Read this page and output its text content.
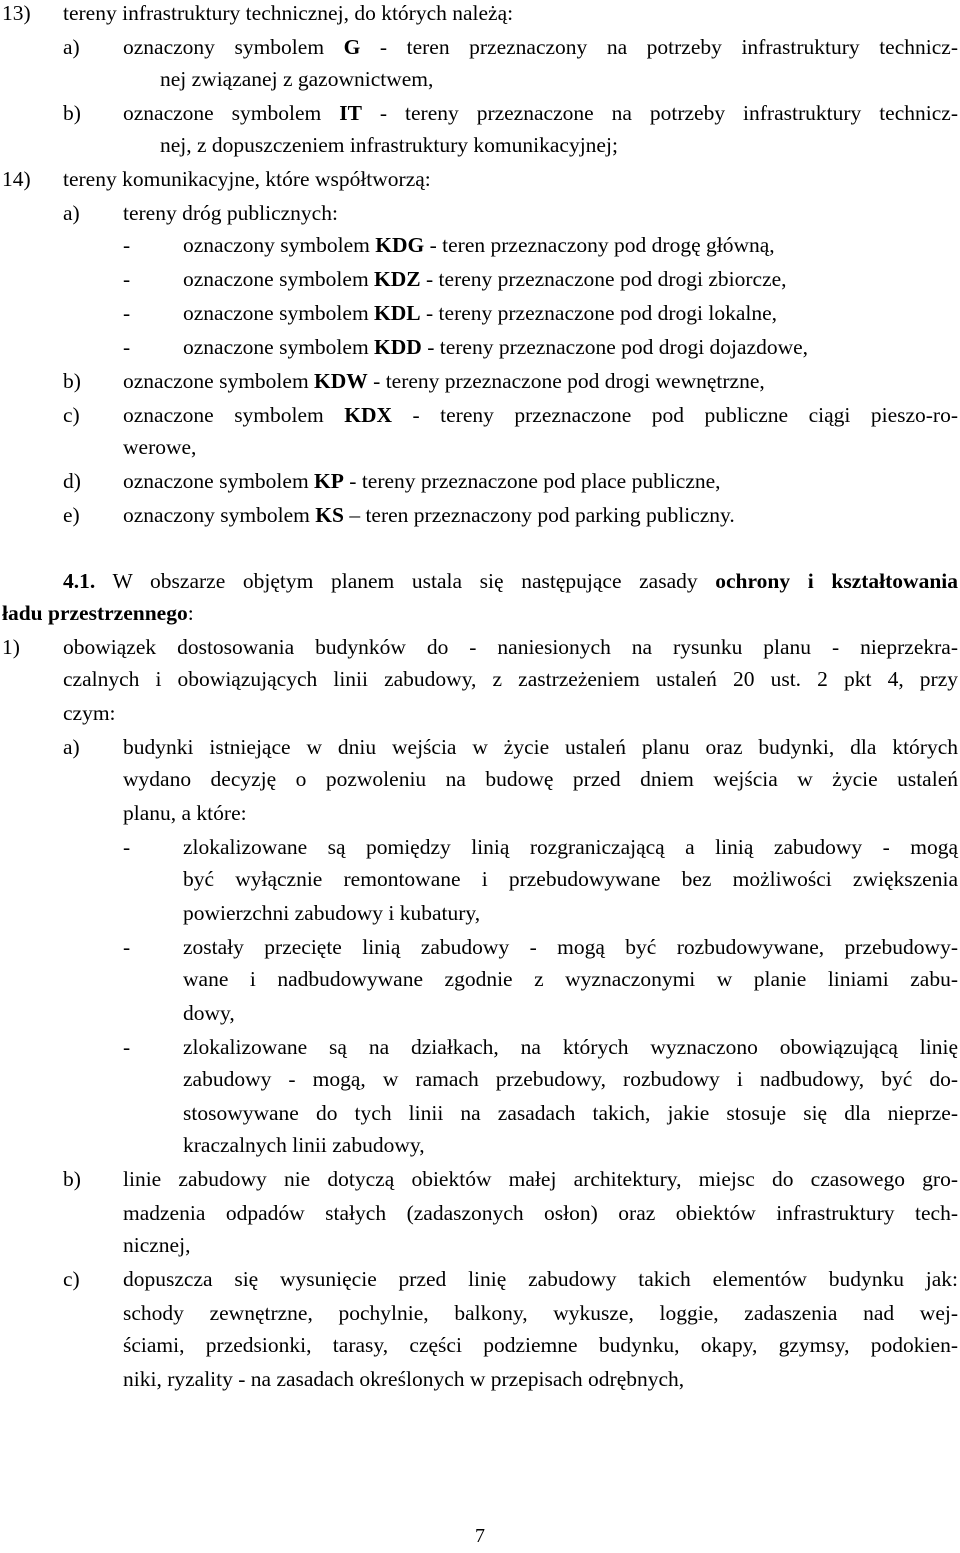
13) tereny infrastruktury technicznej, do których należą:
a) oznaczony symbolem G - teren przeznaczony na potrzeby infrastruktury technicz-
nej związanej z gazownictwem,
b) oznaczone symbolem IT - tereny przeznaczone na potrzeby infrastruktury technicz-
nej, z dopuszczeniem infrastruktury komunikacyjnej;
14) tereny komunikacyjne, które współtworzą:
a) tereny dróg publicznych:
- oznaczony symbolem KDG - teren przeznaczony pod drogę główną,
- oznaczone symbolem KDZ - tereny przeznaczone pod drogi zbiorcze,
- oznaczone symbolem KDL - tereny przeznaczone pod drogi lokalne,
- oznaczone symbolem KDD - tereny przeznaczone pod drogi dojazdowe,
b) oznaczone symbolem KDW - tereny przeznaczone pod drogi wewnętrzne,
c) oznaczone symbolem KDX - tereny przeznaczone pod publiczne ciągi pieszo-ro-
werowe,
d) oznaczone symbolem KP - tereny przeznaczone pod place publiczne,
e) oznaczony symbolem KS – teren przeznaczony pod parking publiczny.
4.1. W obszarze objętym planem ustala się następujące zasady ochrony i kształtowania
ładu przestrzennego:
1) obowiązek dostosowania budynków do - naniesionych na rysunku planu - nieprzekra-
czalnych i obowiązujących linii zabudowy, z zastrzeżeniem ustaleń 20 ust. 2 pkt 4, przy
czym:
a) budynki istniejące w dniu wejścia w życie ustaleń planu oraz budynki, dla których
wydano decyzję o pozwoleniu na budowę przed dniem wejścia w życie ustaleń
planu, a które:
- zlokalizowane są pomiędzy linią rozgraniczającą a linią zabudowy - mogą
być wyłącznie remontowane i przebudowywane bez możliwości zwiększenia
powierzchni zabudowy i kubatury,
- zostały przecięte linią zabudowy - mogą być rozbudowywane, przebudowy-
wane i nadbudowywane zgodnie z wyznaczonymi w planie liniami zabu-
dowy,
- zlokalizowane są na działkach, na których wyznaczono obowiązującą linię
zabudowy - mogą, w ramach przebudowy, rozbudowy i nadbudowy, być do-
stosowywane do tych linii na zasadach takich, jakie stosuje się dla nieprze-
kraczalnych linii zabudowy,
b) linie zabudowy nie dotyczą obiektów małej architektury, miejsc do czasowego gro-
madzenia odpadów stałych (zadaszonych osłon) oraz obiektów infrastruktury tech-
nicznej,
c) dopuszcza się wysunięcie przed linię zabudowy takich elementów budynku jak:
schody zewnętrzne, pochylnie, balkony, wykusze, loggie, zadaszenia nad wej-
ściami, przedsionki, tarasy, części podziemne budynku, okapy, gzymsy, podokien-
niki, ryzality - na zasadach określonych w przepisach odrębnych,
7
